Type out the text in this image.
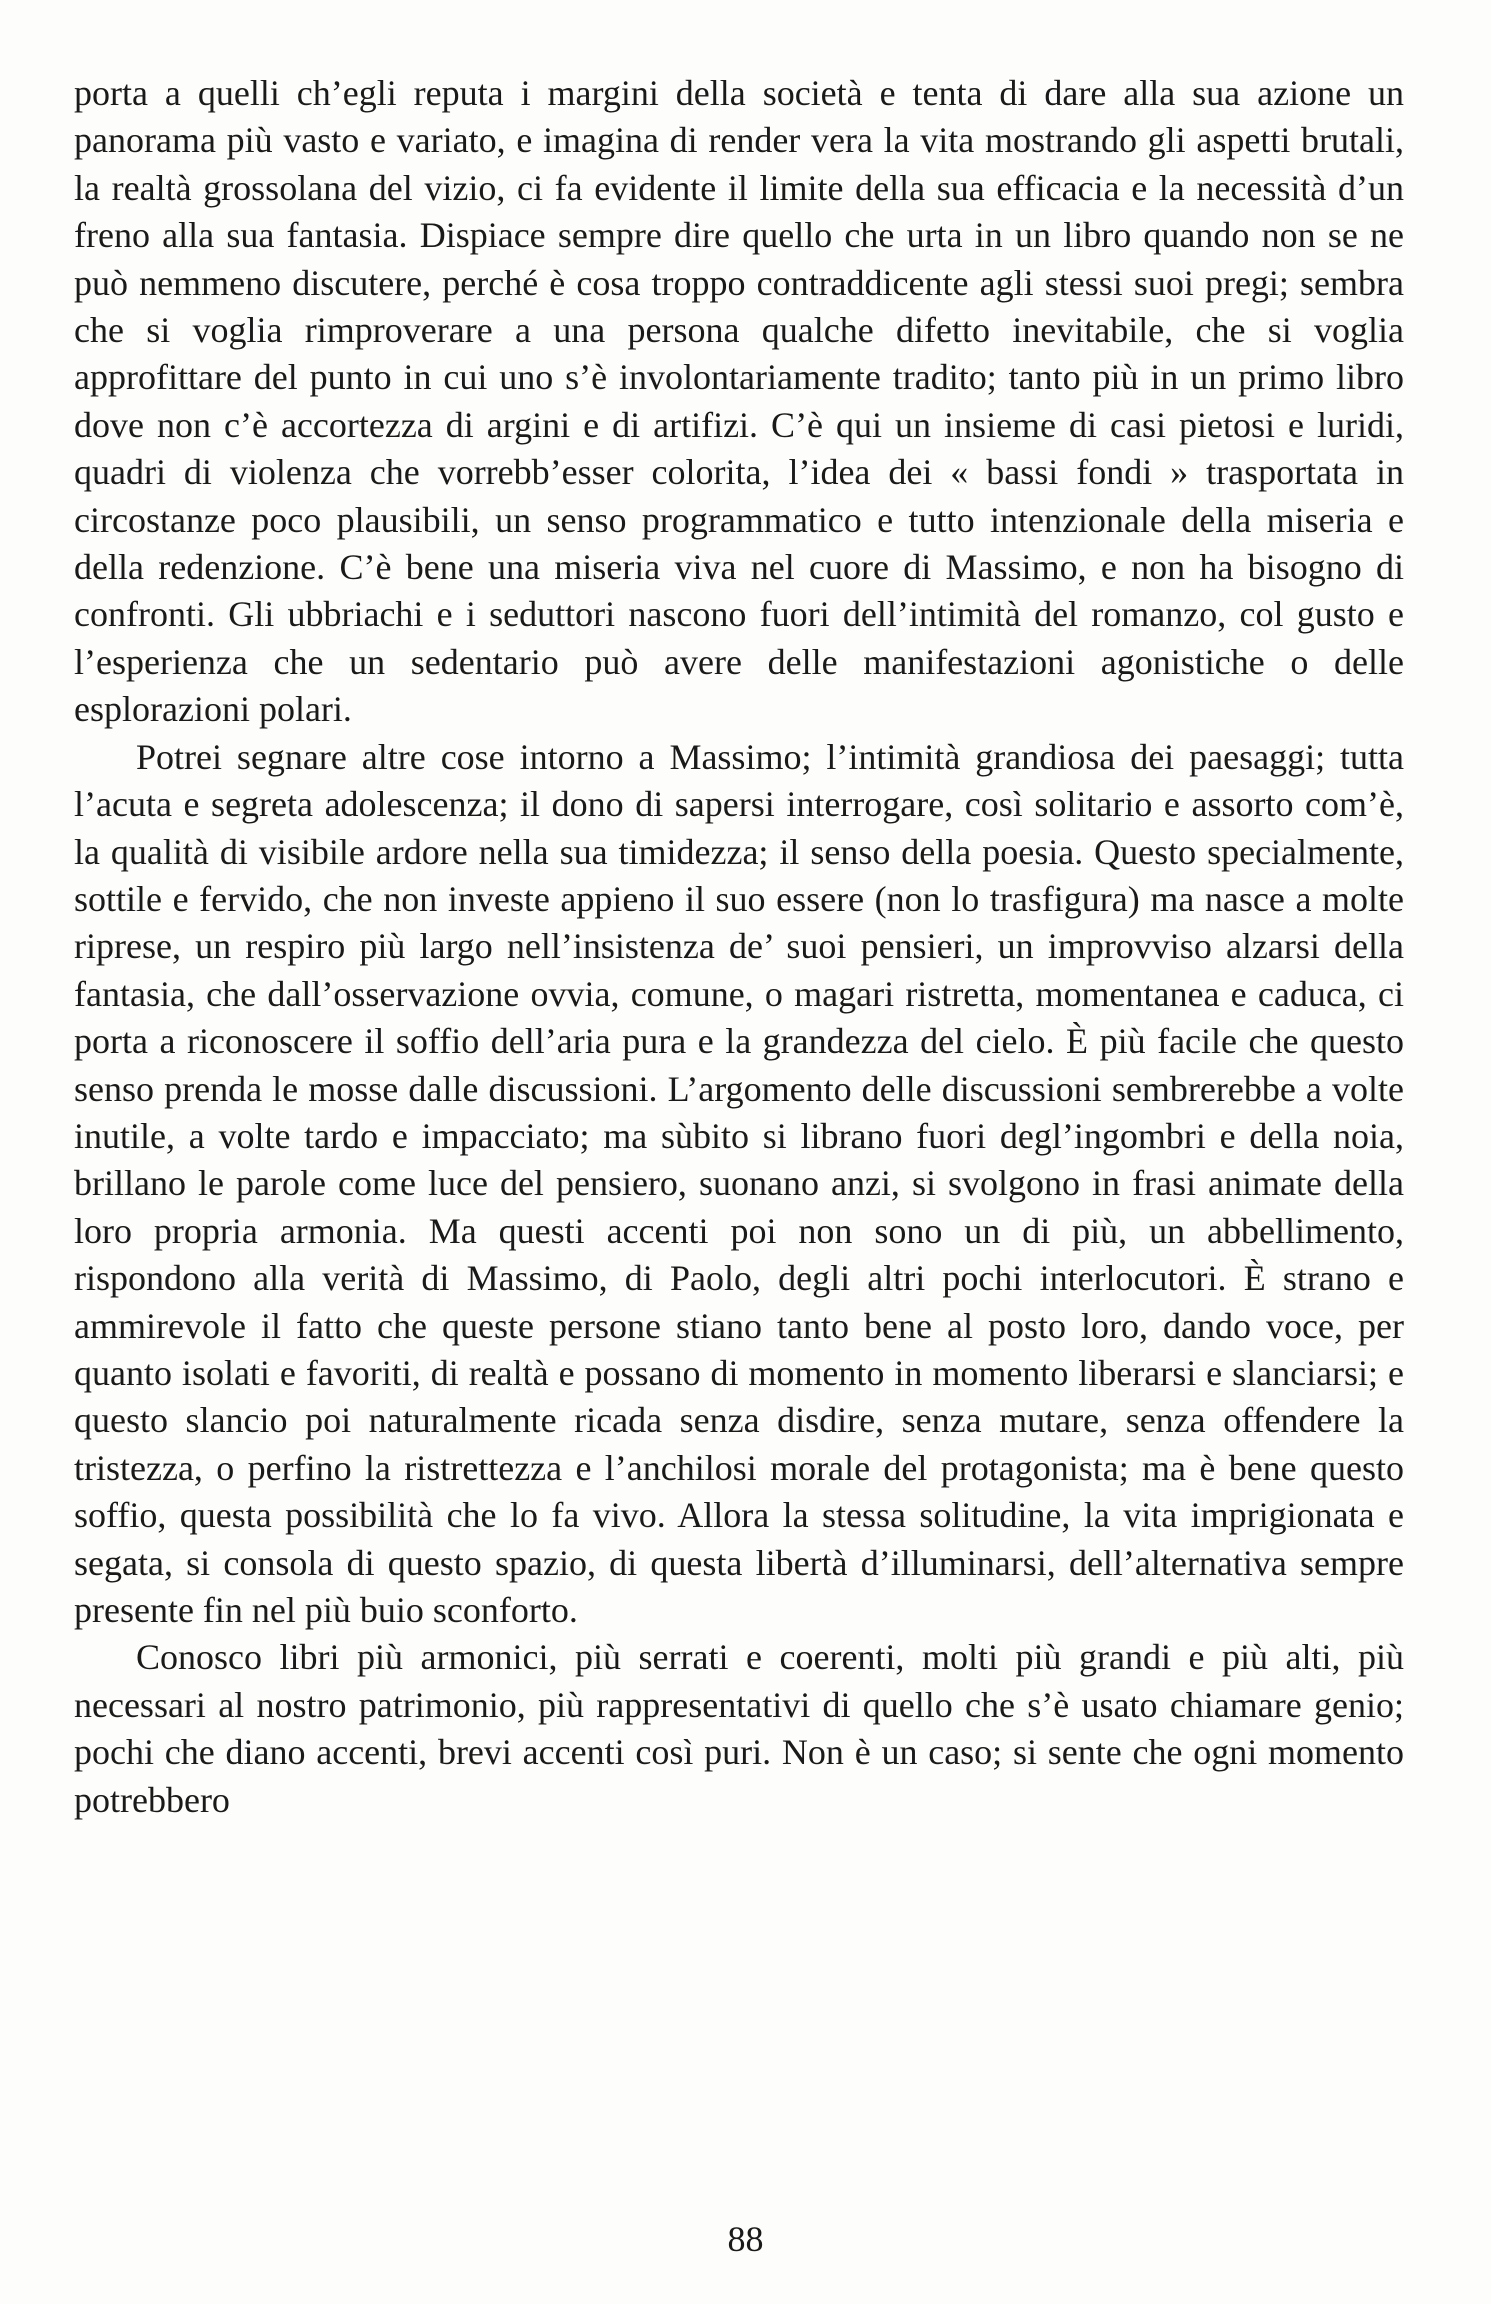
porta a quelli ch’egli reputa i margini della società e tenta di dare alla sua azione un panorama più vasto e variato, e imagina di render vera la vita mostrando gli aspetti brutali, la realtà grossolana del vizio, ci fa evidente il limite della sua efficacia e la necessità d’un freno alla sua fantasia. Dispiace sempre dire quello che urta in un libro quando non se ne può nemmeno discutere, perché è cosa troppo contraddicente agli stessi suoi pregi; sembra che si voglia rimproverare a una persona qualche difetto inevitabile, che si voglia approfittare del punto in cui uno s’è involontariamente tradito; tanto più in un primo libro dove non c’è accortezza di argini e di artifizi. C’è qui un insieme di casi pietosi e luridi, quadri di violenza che vorrebb’esser colorita, l’idea dei « bassi fondi » trasportata in circostanze poco plausibili, un senso programmatico e tutto intenzionale della miseria e della redenzione. C’è bene una miseria viva nel cuore di Massimo, e non ha bisogno di confronti. Gli ubbriachi e i seduttori nascono fuori dell’intimità del romanzo, col gusto e l’esperienza che un sedentario può avere delle manifestazioni agonistiche o delle esplorazioni polari.

Potrei segnare altre cose intorno a Massimo; l’intimità grandiosa dei paesaggi; tutta l’acuta e segreta adolescenza; il dono di sapersi interrogare, così solitario e assorto com’è, la qualità di visibile ardore nella sua timidezza; il senso della poesia. Questo specialmente, sottile e fervido, che non investe appieno il suo essere (non lo trasfigura) ma nasce a molte riprese, un respiro più largo nell’insistenza de’ suoi pensieri, un improvviso alzarsi della fantasia, che dall’osservazione ovvia, comune, o magari ristretta, momentanea e caduca, ci porta a riconoscere il soffio dell’aria pura e la grandezza del cielo. È più facile che questo senso prenda le mosse dalle discussioni. L’argomento delle discussioni sembrerebbe a volte inutile, a volte tardo e impacciato; ma sùbito si librano fuori degl’ingombri e della noia, brillano le parole come luce del pensiero, suonano anzi, si svolgono in frasi animate della loro propria armonia. Ma questi accenti poi non sono un di più, un abbellimento, rispondono alla verità di Massimo, di Paolo, degli altri pochi interlocutori. È strano e ammirevole il fatto che queste persone stiano tanto bene al posto loro, dando voce, per quanto isolati e favoriti, di realtà e possano di momento in momento liberarsi e slanciarsi; e questo slancio poi naturalmente ricada senza disdire, senza mutare, senza offendere la tristezza, o perfino la ristrettezza e l’anchilosi morale del protagonista; ma è bene questo soffio, questa possibilità che lo fa vivo. Allora la stessa solitudine, la vita imprigionata e segata, si consola di questo spazio, di questa libertà d’illuminarsi, dell’alternativa sempre presente fin nel più buio sconforto.

Conosco libri più armonici, più serrati e coerenti, molti più grandi e più alti, più necessari al nostro patrimonio, più rappresentativi di quello che s’è usato chiamare genio; pochi che diano accenti, brevi accenti così puri. Non è un caso; si sente che ogni momento potrebbero

88
